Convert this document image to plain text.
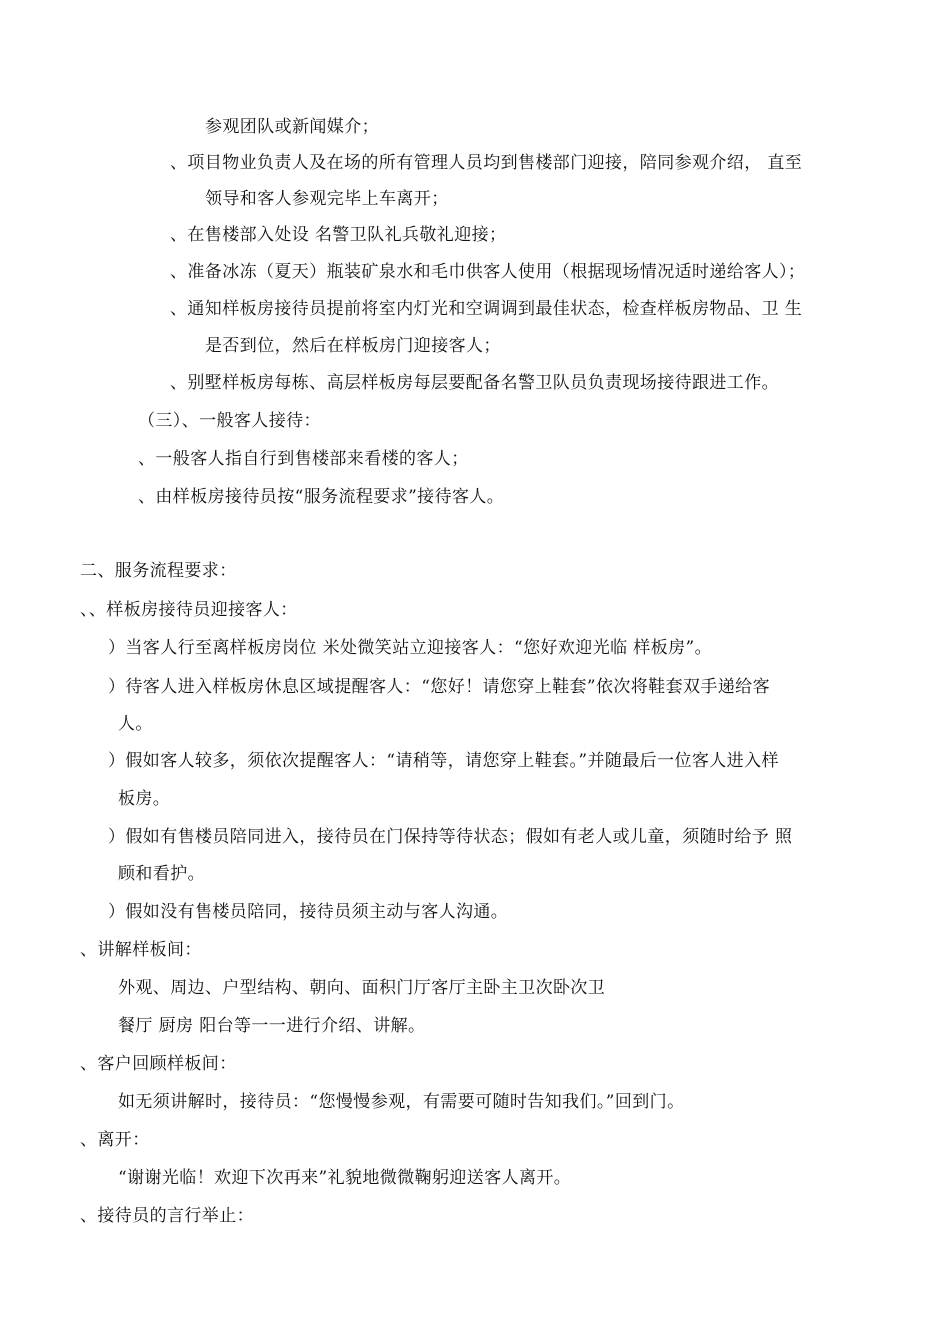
参观团队或新闻媒介；
、项目物业负责人及在场的所有管理人员均到售楼部门迎接，陪同参观介绍， 直至
领导和客人参观完毕上车离开；
、在售楼部入处设 名警卫队礼兵敬礼迎接；
、准备冰冻（夏天）瓶装矿泉水和毛巾供客人使用（根据现场情况适时递给客人）；
、通知样板房接待员提前将室内灯光和空调调到最佳状态，检查样板房物品、卫 生
是否到位，然后在样板房门迎接客人；
、别墅样板房每栋、高层样板房每层要配备名警卫队员负责现场接待跟进工作。
（三）、一般客人接待：
、一般客人指自行到售楼部来看楼的客人；
、由样板房接待员按“服务流程要求”接待客人。
二、服务流程要求：
、、样板房接待员迎接客人：
）当客人行至离样板房岗位 米处微笑站立迎接客人：“您好欢迎光临 样板房”。
）待客人进入样板房休息区域提醒客人：“您好！请您穿上鞋套”依次将鞋套双手递给客
人。
）假如客人较多，须依次提醒客人：“请稍等，请您穿上鞋套。”并随最后一位客人进入样
板房。
）假如有售楼员陪同进入，接待员在门保持等待状态；假如有老人或儿童，须随时给予 照
顾和看护。
）假如没有售楼员陪同，接待员须主动与客人沟通。
、讲解样板间：
外观、周边、户型结构、朝向、面积门厅客厅主卧主卫次卧次卫
餐厅 厨房 阳台等一一进行介绍、讲解。
、客户回顾样板间：
如无须讲解时，接待员：“您慢慢参观，有需要可随时告知我们。”回到门。
、离开：
“谢谢光临！欢迎下次再来”礼貌地微微鞠躬迎送客人离开。
、接待员的言行举止：
